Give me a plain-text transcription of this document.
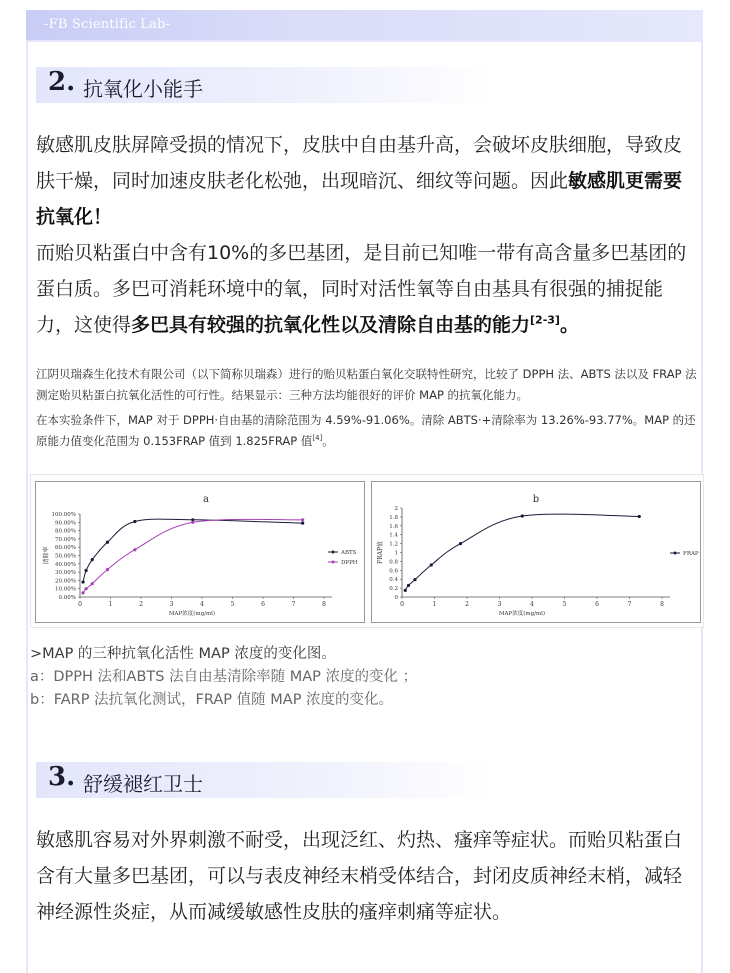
-FB Scientific Lab-
2. 抗氧化小能手
敏感肌皮肤屏障受损的情况下，皮肤中自由基升高，会破坏皮肤细胞，导致皮肤干燥，同时加速皮肤老化松弛，出现暗沉、细纹等问题。因此敏感肌更需要抗氧化！
而贻贝粘蛋白中含有10%的多巴基团，是目前已知唯一带有高含量多巴基团的蛋白质。多巴可消耗环境中的氧，同时对活性氧等自由基具有很强的捕捉能力，这使得多巴具有较强的抗氧化性以及清除自由基的能力[2-3]。
江阴贝瑞森生化技术有限公司（以下简称贝瑞森）进行的贻贝粘蛋白氧化交联特性研究，比较了 DPPH 法、ABTS 法以及 FRAP 法测定贻贝粘蛋白抗氧化活性的可行性。结果显示：三种方法均能很好的评价 MAP 的抗氧化能力。
在本实验条件下，MAP 对于 DPPH·自由基的清除范围为 4.59%-91.06%。清除 ABTS·+清除率为 13.26%-93.77%。MAP 的还原能力值变化范围为 0.153FRAP 值到 1.825FRAP 值[4]。
a
0.00%
10.00%
20.00%
30.00%
40.00%
50.00%
60.00%
70.00%
80.00%
90.00%
100.00%
0	1	2	3	4	5	6	7	8
MAP浓度(mg/ml)
清除率	ABTS
DPPH
b
0
0.2
0.4
0.6
0.8
1
1.2
1.4
1.6
1.8
2
0	1	2	3	4	5	6	7	8
MAP浓度(mg/ml)
FRAP值	FRAP
>MAP 的三种抗氧化活性 MAP 浓度的变化图。
a：DPPH 法和ABTS 法自由基清除率随 MAP 浓度的变化 ；
b：FARP 法抗氧化测试，FRAP 值随 MAP 浓度的变化。
3. 舒缓褪红卫士
敏感肌容易对外界刺激不耐受，出现泛红、灼热、瘙痒等症状。而贻贝粘蛋白含有大量多巴基团，可以与表皮神经末梢受体结合，封闭皮质神经末梢，减轻神经源性炎症，从而减缓敏感性皮肤的瘙痒刺痛等症状。
